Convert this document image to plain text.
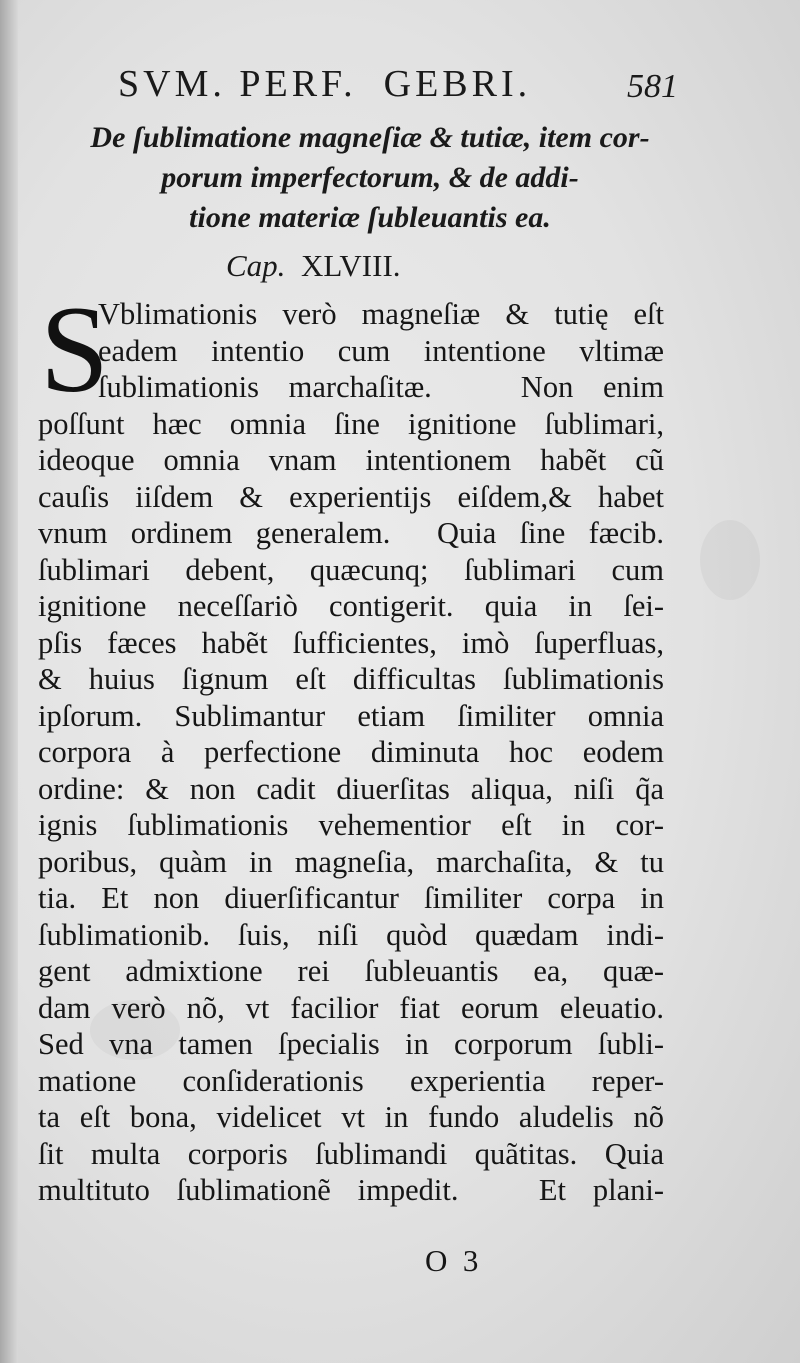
SVM. PERF.  GEBRI.	581
De ſublimatione magneſiæ & tutiæ, item cor-
porum imperfectorum, & de addi-
tione materiæ ſubleuantis ea.
Cap. XLVIII.
S
Vblimationis verò magneſiæ & tutię eſt
eadem intentio cum intentione vltimæ
ſublimationis marchaſitæ.   Non enim
poſſunt hæc omnia ſine ignitione ſublimari,
ideoque omnia vnam intentionem habẽt cũ
cauſis iiſdem & experientijs eiſdem,& habet
vnum ordinem generalem.  Quia ſine fæcib.
ſublimari debent, quæcunq; ſublimari cum
ignitione neceſſariò contigerit. quia in ſei-
pſis fæces habẽt ſufficientes, imò ſuperfluas,
& huius ſignum eſt difficultas ſublimationis
ipſorum. Sublimantur etiam ſimiliter omnia
corpora à perfectione diminuta hoc eodem
ordine: & non cadit diuerſitas aliqua, niſi q̃a
ignis ſublimationis vehementior eſt in cor-
poribus, quàm in magneſia, marchaſita, & tu
tia. Et non diuerſificantur ſimiliter corpa in
ſublimationib. ſuis, niſi quòd quædam indi-
gent admixtione rei ſubleuantis ea, quæ-
dam verò nõ, vt facilior fiat eorum eleuatio.
Sed vna tamen ſpecialis in corporum ſubli-
matione conſiderationis experientia reper-
ta eſt bona, videlicet vt in fundo aludelis nõ
ſit multa corporis ſublimandi quãtitas. Quia
multituto ſublimationẽ impedit.   Et plani-
O  3
